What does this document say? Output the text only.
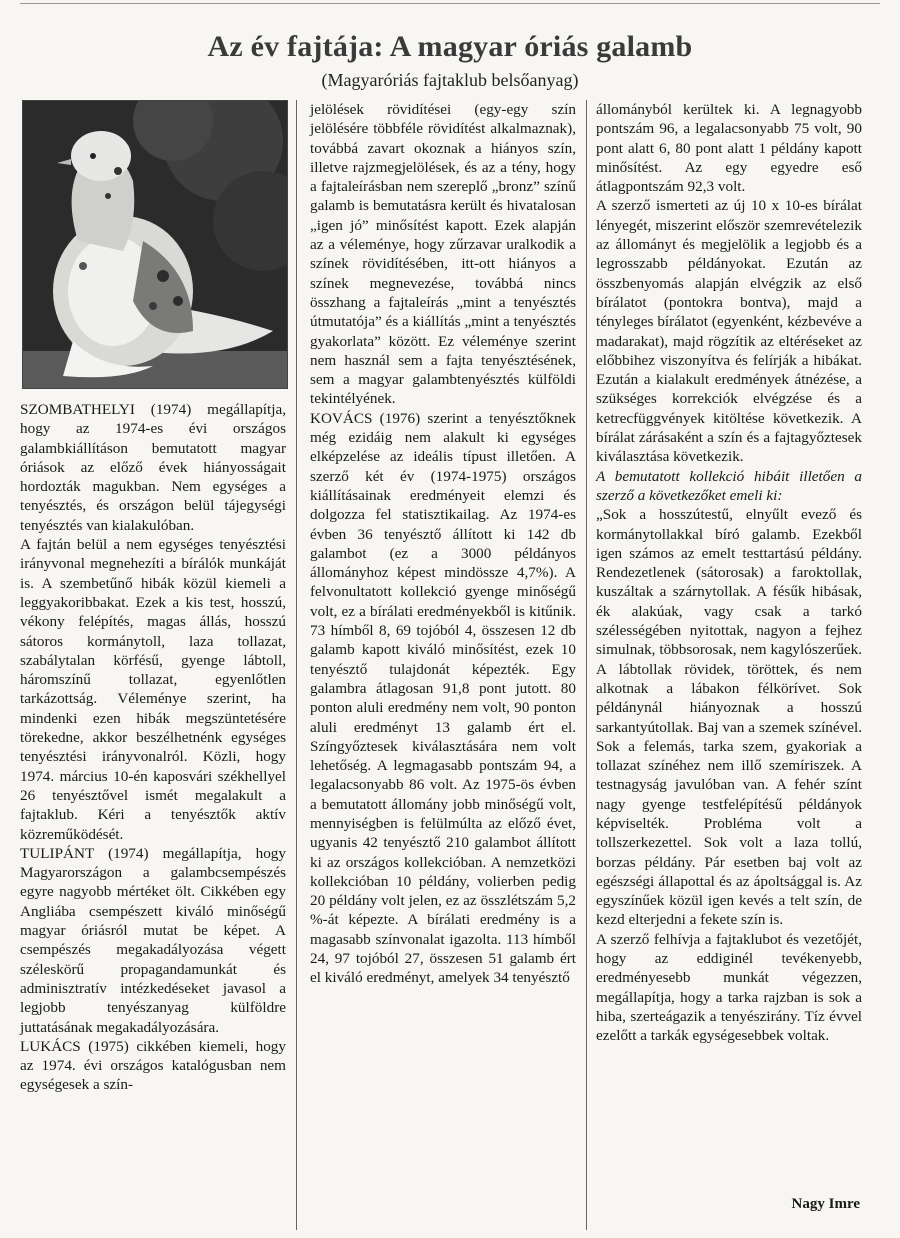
Az év fajtája: A magyar óriás galamb
(Magyaróriás fajtaklub belsőanyag)

SZOMBATHELYI (1974) megállapítja, hogy az 1974-es évi országos galambkiállításon bemutatott magyar óriások az előző évek hiányosságait hordozták magukban. Nem egységes a tenyésztés, és országon belül tájegységi tenyésztés van kialakulóban.

A fajtán belül a nem egységes tenyésztési irányvonal megnehezíti a bírálók munkáját is. A szembetűnő hibák közül kiemeli a leggyakoribbakat. Ezek a kis test, hosszú, vékony felépítés, magas állás, hosszú sátoros kormánytoll, laza tollazat, szabálytalan körfésű, gyenge lábtoll, háromszínű tollazat, egyenlőtlen tarkázottság. Véleménye szerint, ha mindenki ezen hibák megszüntetésére törekedne, akkor beszélhetnénk egységes tenyésztési irányvonalról. Közli, hogy 1974. március 10-én kaposvári székhellyel 26 tenyésztővel ismét megalakult a fajtaklub. Kéri a tenyésztők aktív közreműködését.

TULIPÁNT (1974) megállapítja, hogy Magyarországon a galambcsempészés egyre nagyobb mértéket ölt. Cikkében egy Angliába csempészett kiváló minőségű magyar óriásról mutat be képet. A csempészés megakadályozása végett széleskörű propagandamunkát és adminisztratív intézkedéseket javasol a legjobb tenyészanyag külföldre juttatásának megakadályozására.

LUKÁCS (1975) cikkében kiemeli, hogy az 1974. évi országos katalógusban nem egységesek a szín-

jelölések rövidítései (egy-egy szín jelölésére többféle rövidítést alkalmaznak), továbbá zavart okoznak a hiányos szín, illetve rajzmegjelölések, és az a tény, hogy a fajtaleírásban nem szereplő „bronz” színű galamb is bemutatásra került és hivatalosan „igen jó” minősítést kapott. Ezek alapján az a véleménye, hogy zűrzavar uralkodik a színek rövidítésében, itt-ott hiányos a színek megnevezése, továbbá nincs összhang a fajtaleírás „mint a tenyésztés útmutatója” és a kiállítás „mint a tenyésztés gyakorlata” között. Ez véleménye szerint nem használ sem a fajta tenyésztésének, sem a magyar galambtenyésztés külföldi tekintélyének.

KOVÁCS (1976) szerint a tenyésztőknek még ezidáig nem alakult ki egységes elképzelése az ideális típust illetően. A szerző két év (1974-1975) országos kiállításainak eredményeit elemzi és dolgozza fel statisztikailag. Az 1974-es évben 36 tenyésztő állított ki 142 db galambot (ez a 3000 példányos állományhoz képest mindössze 4,7%). A felvonultatott kollekció gyenge minőségű volt, ez a bírálati eredményekből is kitűnik. 73 hímből 8, 69 tojóból 4, összesen 12 db galamb kapott kiváló minősítést, ezek 10 tenyésztő tulajdonát képezték. Egy galambra átlagosan 91,8 pont jutott. 80 ponton aluli eredmény nem volt, 90 ponton aluli eredményt 13 galamb ért el. Színgyőztesek kiválasztására nem volt lehetőség. A legmagasabb pontszám 94, a legalacsonyabb 86 volt. Az 1975-ös évben a bemutatott állomány jobb minőségű volt, mennyiségben is felülmúlta az előző évet, ugyanis 42 tenyésztő 210 galambot állított ki az országos kollekcióban. A nemzetközi kollekcióban 10 példány, volierben pedig 20 példány volt jelen, ez az összlétszám 5,2 %-át képezte. A bírálati eredmény is a magasabb színvonalat igazolta. 113 hímből 24, 97 tojóból 27, összesen 51 galamb ért el kiváló eredményt, amelyek 34 tenyésztő

állományból kerültek ki. A legnagyobb pontszám 96, a legalacsonyabb 75 volt, 90 pont alatt 6, 80 pont alatt 1 példány kapott minősítést. Az egy egyedre eső átlagpontszám 92,3 volt.

A szerző ismerteti az új 10 x 10-es bírálat lényegét, miszerint először szemrevételezik az állományt és megjelölik a legjobb és a legrosszabb példányokat. Ezután az összbenyomás alapján elvégzik az első bírálatot (pontokra bontva), majd a tényleges bírálatot (egyenként, kézbevéve a madarakat), majd rögzítik az eltéréseket az előbbihez viszonyítva és felírják a hibákat. Ezután a kialakult eredmények átnézése, a szükséges korrekciók elvégzése és a ketrecfüggvények kitöltése következik. A bírálat zárásaként a szín és a fajtagyőztesek kiválasztása következik.

A bemutatott kollekció hibáit illetően a szerző a következőket emeli ki:

„Sok a hosszútestű, elnyűlt evező és kormánytollakkal bíró galamb. Ezekből igen számos az emelt testtartású példány. Rendezetlenek (sátorosak) a faroktollak, kuszáltak a szárnytollak. A fésűk hibásak, ék alakúak, vagy csak a tarkó szélességében nyitottak, nagyon a fejhez simulnak, többsorosak, nem kagylószerűek. A lábtollak rövidek, töröttek, és nem alkotnak a lábakon félkörívet. Sok példánynál hiányoznak a hosszú sarkantyútollak. Baj van a szemek színével. Sok a felemás, tarka szem, gyakoriak a tollazat színéhez nem illő szemíriszek. A testnagyság javulóban van. A fehér színt nagy gyenge testfelépítésű példányok képviselték. Probléma volt a tollszerkezettel. Sok volt a laza tollú, borzas példány. Pár esetben baj volt az egészségi állapottal és az ápoltsággal is. Az egyszínűek közül igen kevés a telt szín, de kezd elterjedni a fekete szín is.

A szerző felhívja a fajtaklubot és vezetőjét, hogy az eddiginél tevékenyebb, eredményesebb munkát végezzen, megállapítja, hogy a tarka rajzban is sok a hiba, szerteágazik a tenyészirány. Tíz évvel ezelőtt a tarkák egységesebbek voltak.

Nagy Imre
